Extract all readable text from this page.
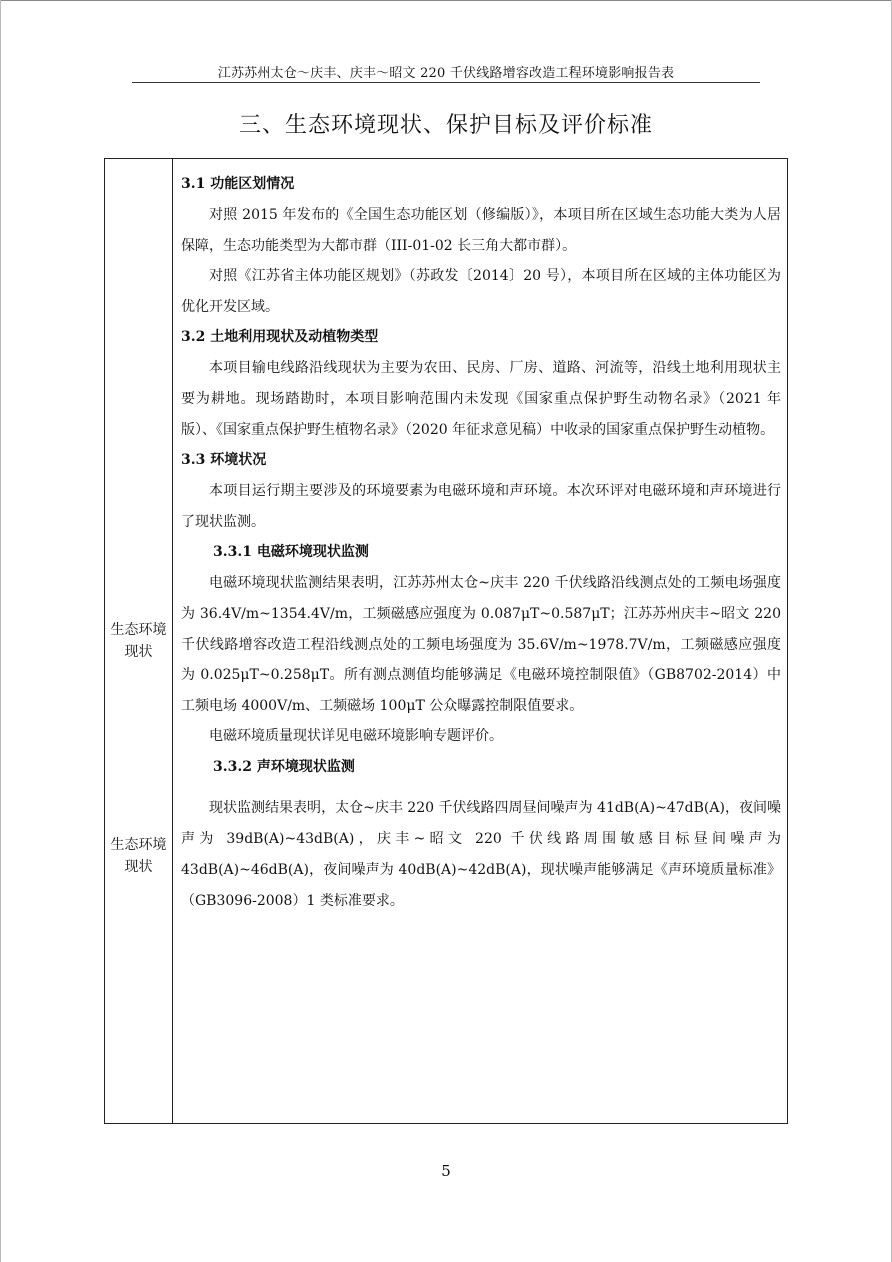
江苏苏州太仓～庆丰、庆丰～昭文 220 千伏线路增容改造工程环境影响报告表
三、生态环境现状、保护目标及评价标准
生态环境现状
生态环境现状
3.1 功能区划情况
对照 2015 年发布的《全国生态功能区划（修编版）》，本项目所在区域生态功能大类为人居保障，生态功能类型为大都市群（III-01-02 长三角大都市群）。
对照《江苏省主体功能区规划》（苏政发〔2014〕20 号），本项目所在区域的主体功能区为优化开发区域。
3.2 土地利用现状及动植物类型
本项目输电线路沿线现状为主要为农田、民房、厂房、道路、河流等，沿线土地利用现状主要为耕地。现场踏勘时，本项目影响范围内未发现《国家重点保护野生动物名录》（2021 年版）、《国家重点保护野生植物名录》（2020 年征求意见稿）中收录的国家重点保护野生动植物。
3.3 环境状况
本项目运行期主要涉及的环境要素为电磁环境和声环境。本次环评对电磁环境和声环境进行了现状监测。
3.3.1 电磁环境现状监测
电磁环境现状监测结果表明，江苏苏州太仓~庆丰 220 千伏线路沿线测点处的工频电场强度为 36.4V/m~1354.4V/m，工频磁感应强度为 0.087μT~0.587μT；江苏苏州庆丰~昭文 220 千伏线路增容改造工程沿线测点处的工频电场强度为 35.6V/m~1978.7V/m，工频磁感应强度为 0.025μT~0.258μT。所有测点测值均能够满足《电磁环境控制限值》（GB8702-2014）中工频电场 4000V/m、工频磁场 100μT 公众曝露控制限值要求。
电磁环境质量现状详见电磁环境影响专题评价。
3.3.2 声环境现状监测
现状监测结果表明，太仓~庆丰 220 千伏线路四周昼间噪声为 41dB(A)~47dB(A)，夜间噪声为 39dB(A)~43dB(A)，庆丰~昭文 220 千伏线路周围敏感目标昼间噪声为 43dB(A)~46dB(A)，夜间噪声为 40dB(A)~42dB(A)，现状噪声能够满足《声环境质量标准》（GB3096-2008）1 类标准要求。
5
